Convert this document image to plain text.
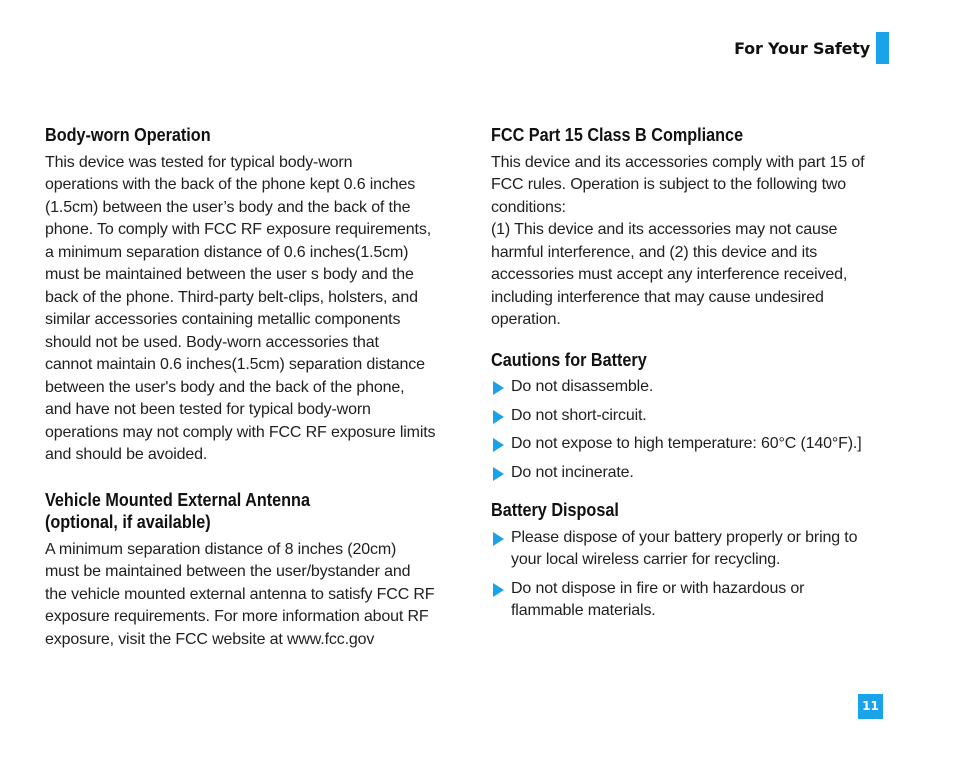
For Your Safety
Body-worn Operation

This device was tested for typical body-worn
operations with the back of the phone kept 0.6 inches
(1.5cm) between the user’s body and the back of the
phone. To comply with FCC RF exposure requirements,
a minimum separation distance of 0.6 inches(1.5cm)
must be maintained between the user s body and the
back of the phone. Third-party belt-clips, holsters, and
similar accessories containing metallic components
should not be used. Body-worn accessories that
cannot maintain 0.6 inches(1.5cm) separation distance
between the user's body and the back of the phone,
and have not been tested for typical body-worn
operations may not comply with FCC RF exposure limits
and should be avoided.

Vehicle Mounted External Antenna
(optional, if available)

A minimum separation distance of 8 inches (20cm)
must be maintained between the user/bystander and
the vehicle mounted external antenna to satisfy FCC RF
exposure requirements. For more information about RF
exposure, visit the FCC website at www.fcc.gov

FCC Part 15 Class B Compliance

This device and its accessories comply with part 15 of
FCC rules. Operation is subject to the following two
conditions:
(1) This device and its accessories may not cause
harmful interference, and (2) this device and its
accessories must accept any interference received,
including interference that may cause undesired
operation.

Cautions for Battery
Do not disassemble.
Do not short-circuit.
Do not expose to high temperature: 60°C (140°F).]
Do not incinerate.
Battery Disposal
Please dispose of your battery properly or bring to
your local wireless carrier for recycling.
Do not dispose in fire or with hazardous or
flammable materials.
11
